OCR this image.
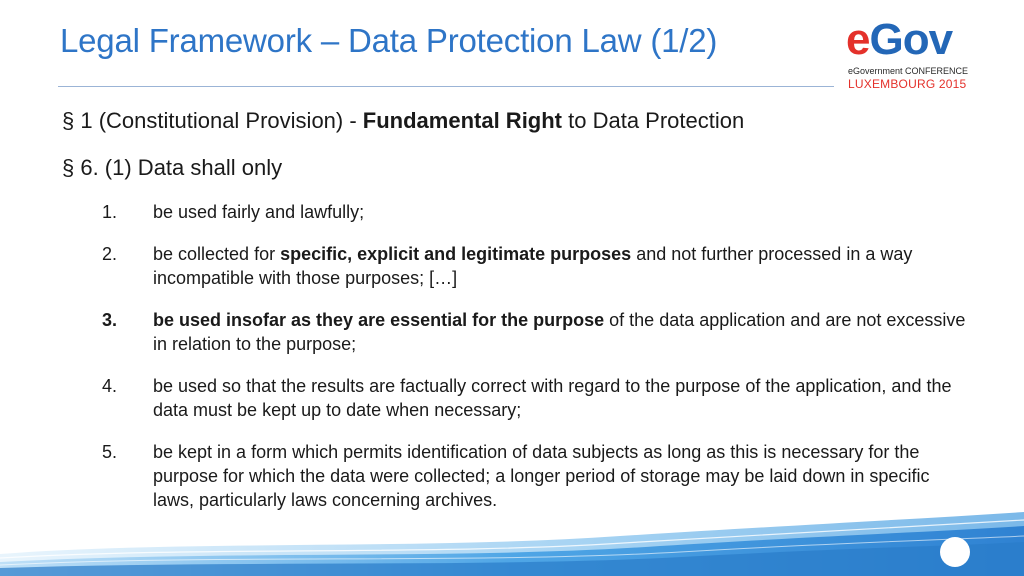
Legal Framework – Data Protection Law (1/2)	eGov
eGovernment CONFERENCE
LUXEMBOURG 2015
§ 1 (Constitutional Provision) - Fundamental Right to Data Protection
§ 6. (1) Data shall only
1.	be used fairly and lawfully;
2.	be collected for specific, explicit and legitimate purposes and not further processed in a way incompatible with those purposes; […]
3.	be used insofar as they are essential for the purpose of the data application and are not excessive in relation to the purpose;
4.	be used so that the results are factually correct with regard to the purpose of the application, and the data must be kept up to date when necessary;
5.	be kept in a form which permits identification of data subjects as long as this is necessary for the purpose for which the data were collected; a longer period of storage may be laid down in specific laws, particularly laws concerning archives.
